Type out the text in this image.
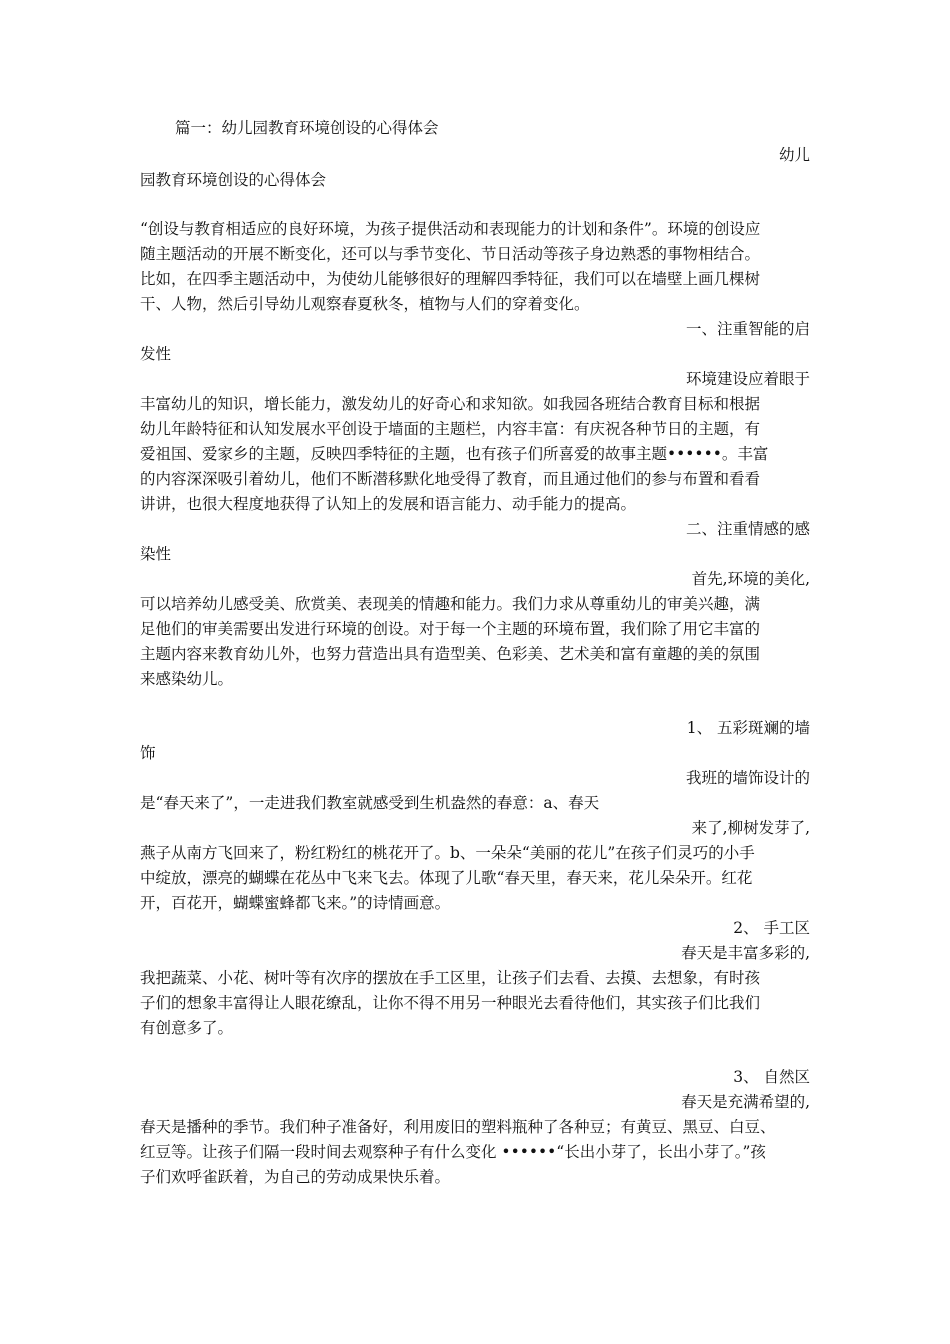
篇一：幼儿园教育环境创设的心得体会
幼儿
园教育环境创设的心得体会
“创设与教育相适应的良好环境，为孩子提供活动和表现能力的计划和条件”。环境的创设应
随主题活动的开展不断变化，还可以与季节变化、节日活动等孩子身边熟悉的事物相结合。
比如，在四季主题活动中，为使幼儿能够很好的理解四季特征，我们可以在墙壁上画几棵树
干、人物，然后引导幼儿观察春夏秋冬，植物与人们的穿着变化。
一、注重智能的启
发性
环境建设应着眼于
丰富幼儿的知识，增长能力，激发幼儿的好奇心和求知欲。如我园各班结合教育目标和根据
幼儿年龄特征和认知发展水平创设于墙面的主题栏，内容丰富：有庆祝各种节日的主题，有
爱祖国、爱家乡的主题，反映四季特征的主题，也有孩子们所喜爱的故事主题••••••。丰富
的内容深深吸引着幼儿，他们不断潜移默化地受得了教育，而且通过他们的参与布置和看看
讲讲，也很大程度地获得了认知上的发展和语言能力、动手能力的提高。
二、注重情感的感
染性
首先,环境的美化,
可以培养幼儿感受美、欣赏美、表现美的情趣和能力。我们力求从尊重幼儿的审美兴趣，满
足他们的审美需要出发进行环境的创设。对于每一个主题的环境布置，我们除了用它丰富的
主题内容来教育幼儿外，也努力营造出具有造型美、色彩美、艺术美和富有童趣的美的氛围
来感染幼儿。
1、 五彩斑斓的墙
饰
我班的墙饰设计的
是“春天来了”，一走进我们教室就感受到生机盎然的春意：a、春天
来了,柳树发芽了,
燕子从南方飞回来了，粉红粉红的桃花开了。b、一朵朵“美丽的花儿”在孩子们灵巧的小手
中绽放，漂亮的蝴蝶在花丛中飞来飞去。体现了儿歌“春天里，春天来，花儿朵朵开。红花
开，百花开，蝴蝶蜜蜂都飞来。”的诗情画意。
2、 手工区
春天是丰富多彩的,
我把蔬菜、小花、树叶等有次序的摆放在手工区里，让孩子们去看、去摸、去想象，有时孩
子们的想象丰富得让人眼花缭乱，让你不得不用另一种眼光去看待他们，其实孩子们比我们
有创意多了。
3、 自然区
春天是充满希望的,
春天是播种的季节。我们种子准备好，利用废旧的塑料瓶种了各种豆；有黄豆、黑豆、白豆、
红豆等。让孩子们隔一段时间去观察种子有什么变化 ••••••“长出小芽了，长出小芽了。”孩
子们欢呼雀跃着，为自己的劳动成果快乐着。
